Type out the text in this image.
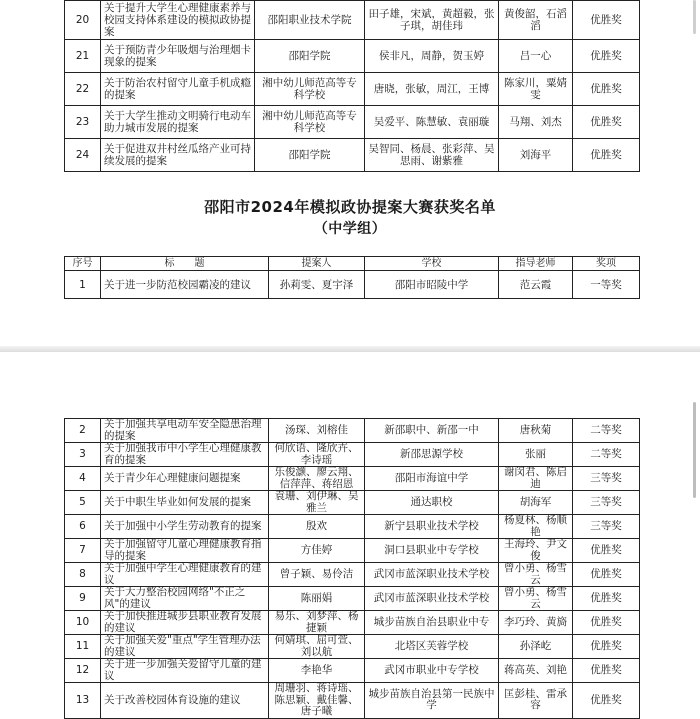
20	关于提升大学生心理健康素养与校园支持体系建设的模拟政协提案	邵阳职业技术学院	田子雄，宋斌，黄超毅，张子琪，胡佳玮	黄俊韶，石滔滔	优胜奖
21	关于预防青少年吸烟与治理烟卡现象的提案	邵阳学院	侯非凡，周静，贺玉婷	吕一心	优胜奖
22	关于防治农村留守儿童手机成瘾的提案	湘中幼儿师范高等专科学校	唐晓，张敏，周江，王博	陈家川，粟婧雯	优胜奖
23	关于大学生推动文明骑行电动车助力城市发展的提案	湘中幼儿师范高等专科学校	吴爱平、陈慧敏、袁丽璇	马翔、刘杰	优胜奖
24	关于促进双井村丝瓜络产业可持续发展的提案	邵阳学院	吴智同、杨晨、张彩萍、吴思雨、谢紫雅	刘海平	优胜奖
邵阳市2024年模拟政协提案大赛获奖名单
（中学组）
序号	标　　题	提案人	学校	指导老师	奖项
1	关于进一步防范校园霸凌的建议	孙莉雯、夏宇泽	邵阳市昭陵中学	范云霞	一等奖
2	关于加强共享电动车安全隐患治理的提案	汤琛、刘榕佳	新邵职中、新邵一中	唐秋菊	二等奖
3	关于加强我市中小学生心理健康教育的提案	何欣语、隆欣卉、李诗瑶	新邵思源学校	张丽	二等奖
4	关于青少年心理健康问题提案	乐俊灏、廖云翔、信萍萍、蒋绍恩	邵阳市海谊中学	谢闵君、陈启迪	三等奖
5	关于中职生毕业如何发展的提案	袁珊、刘伊琳、吴雅兰	通达职校	胡海军	三等奖
6	关于加强中小学生劳动教育的提案	殷欢	新宁县职业技术学校	杨夏林、杨顺艳	三等奖
7	关于加强留守儿童心理健康教育指导的提案	方佳婷	洞口县职业中专学校	王海玲、尹文俊	优胜奖
8	关于加强中学生心理健康教育的建议	曾子颖、易伶洁	武冈市蓝深职业技术学校	曾小勇、杨雪云	优胜奖
9	关于大力整治校园网络"不正之风"的建议	陈丽娟	武冈市蓝深职业技术学校	曾小勇、杨雪云	优胜奖
10	关于加快推进城步县职业教育发展的建议	易乐、刘梦萍、杨捷颖	城步苗族自治县职业中专	李巧玲、黄旖	优胜奖
11	关于加强关爱"重点"学生管理办法的建议	何婧琪、屈可萱、刘以航	北塔区芙蓉学校	孙泽屹	优胜奖
12	关于进一步加强关爱留守儿童的建议	李艳华	武冈市职业中专学校	蒋高英、刘艳	优胜奖
13	关于改善校园体育设施的建议	周珊羽、蒋诗瑶、陈思颖、戴佳馨、唐子曦	城步苗族自治县第一民族中学	匡彭桂、雷承容	优胜奖
